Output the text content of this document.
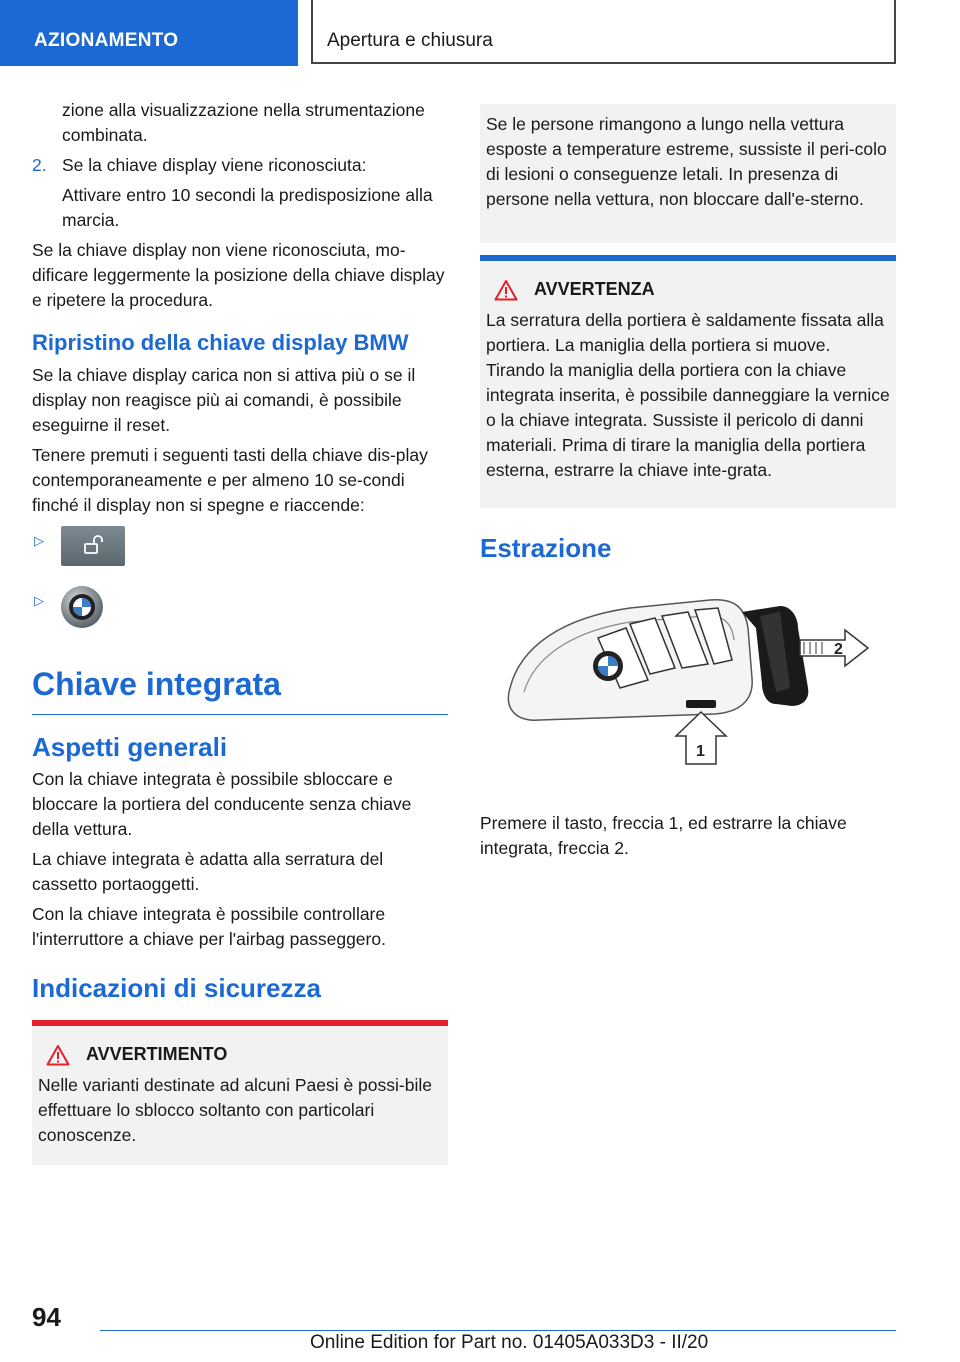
AZIONAMENTO	Apertura e chiusura

zione alla visualizzazione nella strumentazione combinata.

2. Se la chiave display viene riconosciuta:

Attivare entro 10 secondi la predisposizione alla marcia.

Se la chiave display non viene riconosciuta, mo-dificare leggermente la posizione della chiave display e ripetere la procedura.

Ripristino della chiave display BMW

Se la chiave display carica non si attiva più o se il display non reagisce più ai comandi, è possibile eseguirne il reset.

Tenere premuti i seguenti tasti della chiave dis-play contemporaneamente e per almeno 10 se-condi finché il display non si spegne e riaccende:

▷
▷
Chiave integrata
Aspetti generali

Con la chiave integrata è possibile sbloccare e bloccare la portiera del conducente senza chiave della vettura.

La chiave integrata è adatta alla serratura del cassetto portaoggetti.

Con la chiave integrata è possibile controllare l'interruttore a chiave per l'airbag passeggero.

Indicazioni di sicurezza
AVVERTIMENTO

Nelle varianti destinate ad alcuni Paesi è possi-bile effettuare lo sblocco soltanto con particolari conoscenze.

Se le persone rimangono a lungo nella vettura esposte a temperature estreme, sussiste il peri-colo di lesioni o conseguenze letali. In presenza di persone nella vettura, non bloccare dall'e-sterno.

AVVERTENZA

La serratura della portiera è saldamente fissata alla portiera. La maniglia della portiera si muove. Tirando la maniglia della portiera con la chiave integrata inserita, è possibile danneggiare la vernice o la chiave integrata. Sussiste il pericolo di danni materiali. Prima di tirare la maniglia della portiera esterna, estrarre la chiave inte-grata.

Estrazione
2
1

Premere il tasto, freccia 1, ed estrarre la chiave integrata, freccia 2.

94
Online Edition for Part no. 01405A033D3 - II/20
